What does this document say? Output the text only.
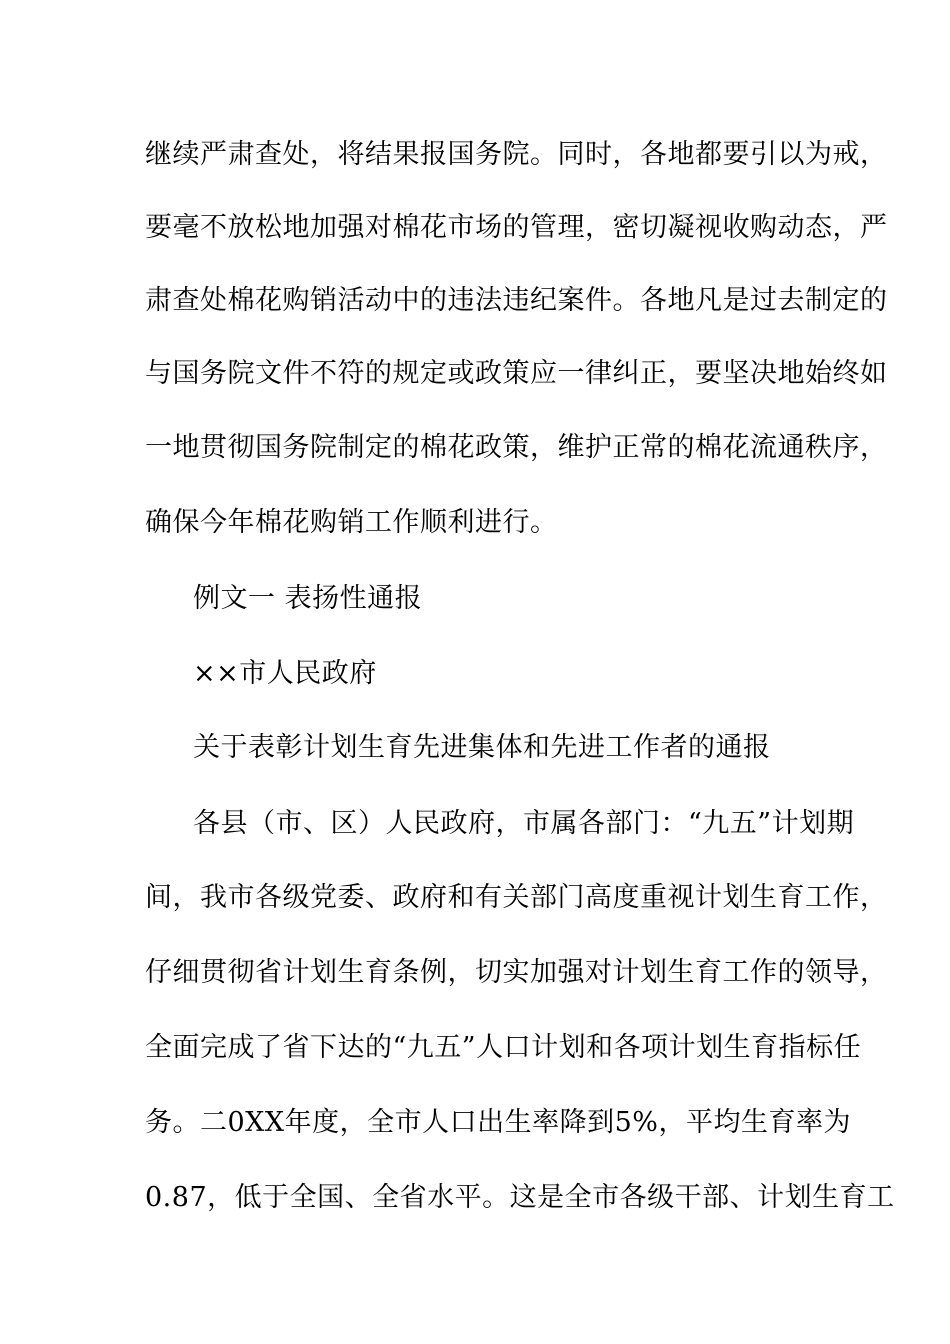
继续严肃查处，将结果报国务院。同时，各地都要引以为戒，
要毫不放松地加强对棉花市场的管理，密切凝视收购动态，严
肃查处棉花购销活动中的违法违纪案件。各地凡是过去制定的
与国务院文件不符的规定或政策应一律纠正，要坚决地始终如
一地贯彻国务院制定的棉花政策，维护正常的棉花流通秩序，
确保今年棉花购销工作顺利进行。
例文一 表扬性通报
××市人民政府
关于表彰计划生育先进集体和先进工作者的通报
各县（市、区）人民政府，市属各部门：“九五”计划期
间，我市各级党委、政府和有关部门高度重视计划生育工作，
仔细贯彻省计划生育条例，切实加强对计划生育工作的领导，
全面完成了省下达的“九五”人口计划和各项计划生育指标任
务。二0XX年度，全市人口出生率降到5%，平均生育率为
0.87，低于全国、全省水平。这是全市各级干部、计划生育工
